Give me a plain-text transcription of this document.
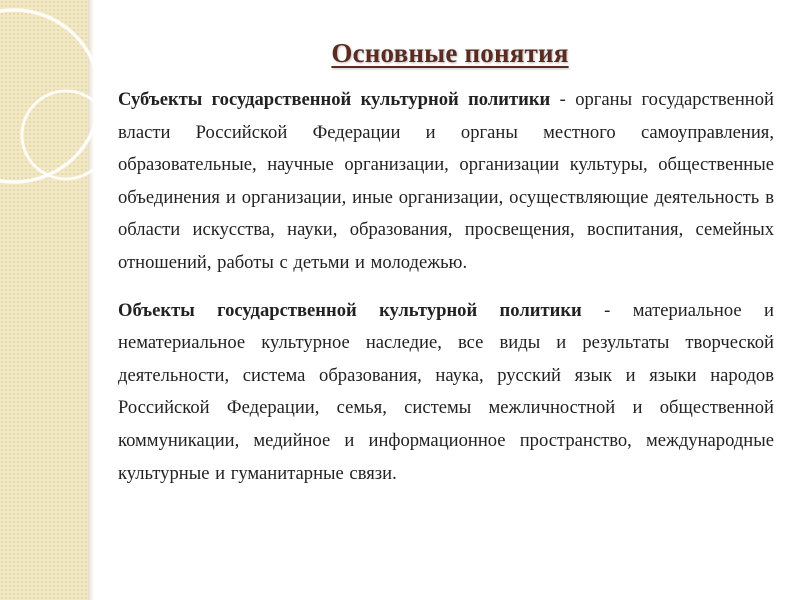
Основные понятия

Субъекты государственной культурной политики - органы государственной власти Российской Федерации и органы местного самоуправления, образовательные, научные организации, организации культуры, общественные объединения и организации, иные организации, осуществляющие деятельность в области искусства, науки, образования, просвещения, воспитания, семейных отношений, работы с детьми и молодежью.

Объекты государственной культурной политики - материальное и нематериальное культурное наследие, все виды и результаты творческой деятельности, система образования, наука, русский язык и языки народов Российской Федерации, семья, системы межличностной и общественной коммуникации, медийное и информационное пространство, международные культурные и гуманитарные связи.
